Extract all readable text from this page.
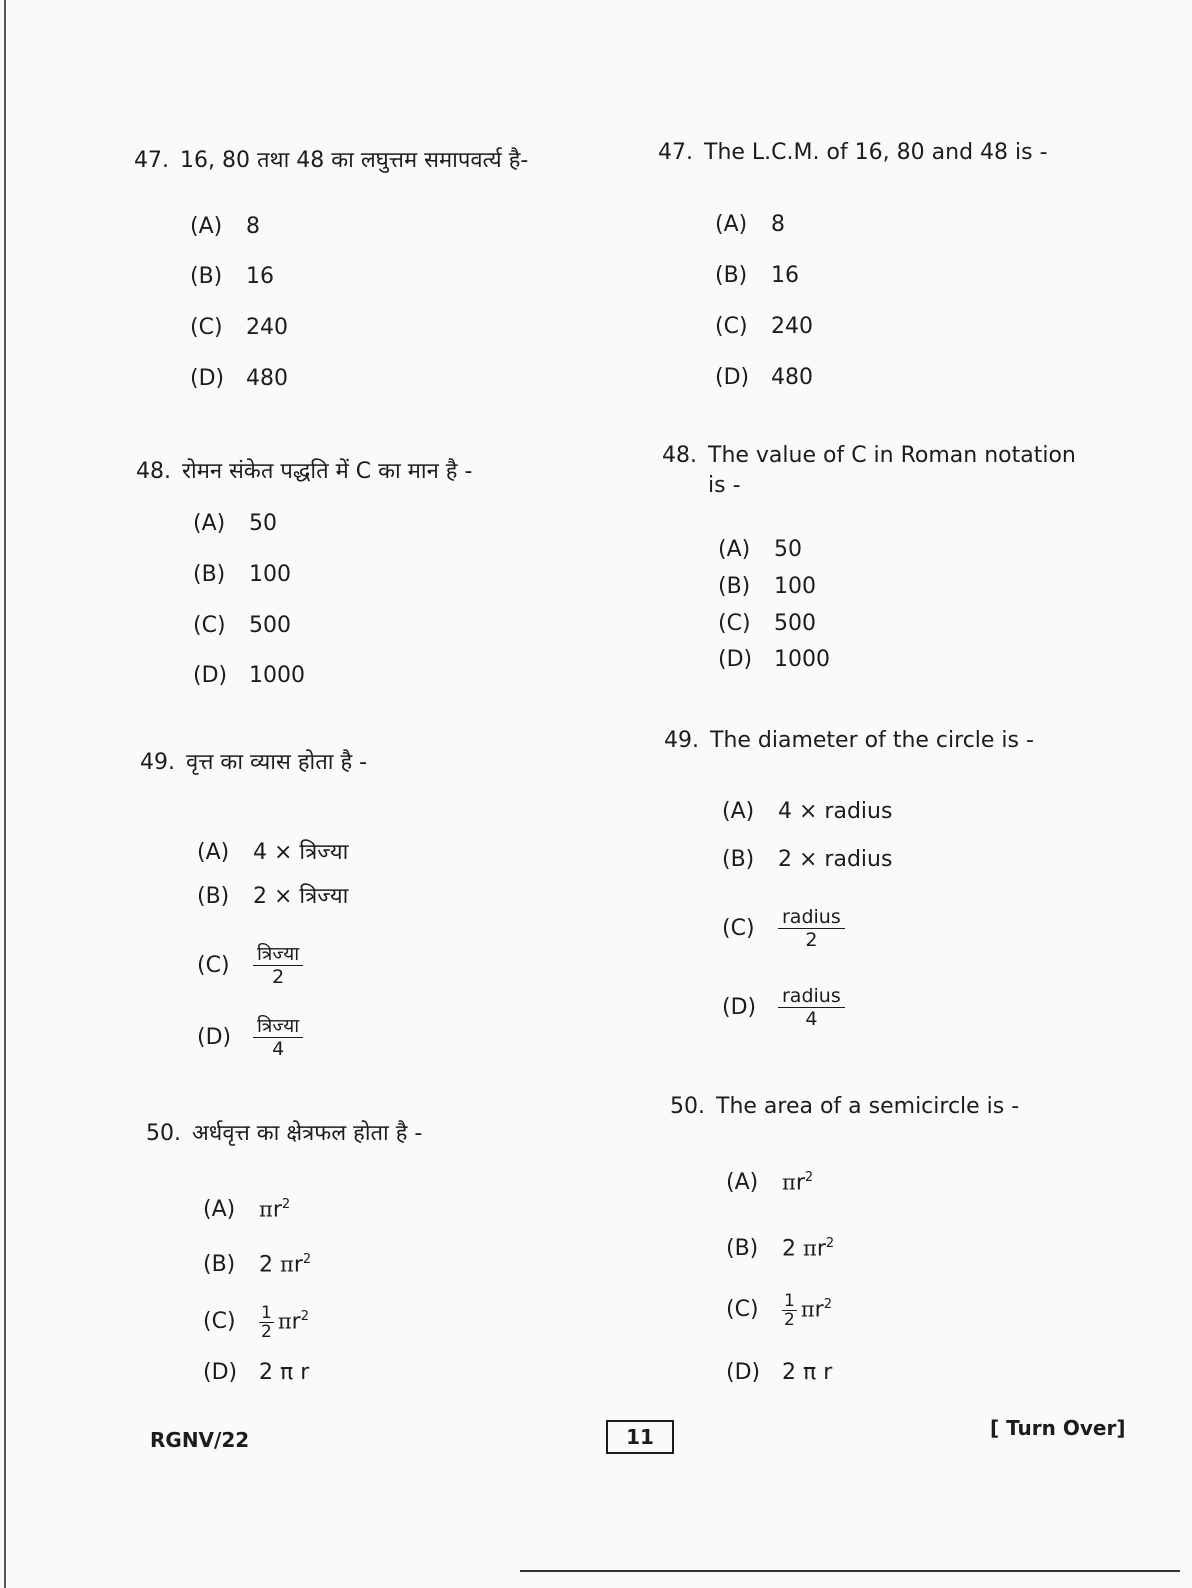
47. 16, 80 तथा 48 का लघुत्तम समापवर्त्य है-
(A) 8
(B) 16
(C) 240
(D) 480
48. रोमन संकेत पद्धति में C का मान है -
(A) 50
(B) 100
(C) 500
(D) 1000
49. वृत्त का व्यास होता है -
(A) 4 × त्रिज्या
(B) 2 × त्रिज्या
$(C) \frac{\text{त्रिज्या}}{2}$
$(D) \frac{\text{त्रिज्या}}{4}$
50. अर्धवृत्त का क्षेत्रफल होता है -
(A) $\pi r^2$
(B) 2 $\pi r^2$
$(C) \frac{1}{2} \pi r^2$
(D) 2 π r
47. The L.C.M. of 16, 80 and 48 is -
(A) 8
(B) 16
(C) 240
(D) 480
48. The value of C in Roman notation
is -
(A) 50
(B) 100
(C) 500
(D) 1000
49. The diameter of the circle is -
(A) 4 × radius
(B) 2 × radius
$(C) \frac{\text{radius}}{2}$
$(D) \frac{\text{radius}}{4}$
50. The area of a semicircle is -
(A) $\pi r^2$
(B) 2 $\pi r^2$
$(C) \frac{1}{2} \pi r^2$
(D) 2 π r
RGNV/22	11	[ Turn Over]
